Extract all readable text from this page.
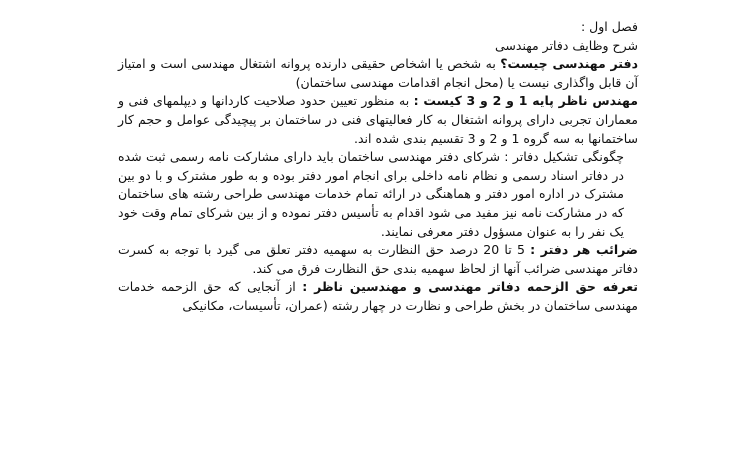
فصل اول :

شرح وظایف دفاتر مهندسی

دفتر مهندسی چیست؟ به شخص یا اشخاص حقیقی دارنده پروانه اشتغال مهندسی است و امتیاز آن قابل واگذاری نیست یا (محل انجام اقدامات مهندسی ساختمان)

مهندس ناظر پایه 1 و 2 و 3 کیست : به منظور تعیین حدود صلاحیت کاردانها و دیپلمهای فنی و معماران تجربی دارای پروانه اشتغال به کار فعالیتهای فنی در ساختمان بر پیچیدگی عوامل و حجم کار ساختمانها به سه گروه 1 و 2 و 3 تقسیم بندی شده اند.

چگونگی تشکیل دفاتر : شرکای دفتر مهندسی ساختمان باید دارای مشارکت نامه رسمی ثبت شده در دفاتر اسناد رسمی و نظام نامه داخلی برای انجام امور دفتر بوده و به طور مشترک و با دو بین مشترک در اداره امور دفتر و هماهنگی در ارائه تمام خدمات مهندسی طراحی رشته های ساختمان که در مشارکت نامه نیز مفید می شود اقدام به تأسیس دفتر نموده و از بین شرکای تمام وقت خود یک نفر را به عنوان مسؤول دفتر معرفی نمایند.

ضرائب هر دفتر : 5 تا 20 درصد حق النظارت به سهمیه دفتر تعلق می گیرد با توجه به کسرت دفاتر مهندسی ضرائب آنها از لحاظ سهمیه بندی حق النظارت فرق می کند.

تعرفه حق الزحمه دفاتر مهندسی و مهندسین ناظر : از آنجایی که حق الزحمه خدمات مهندسی ساختمان در بخش طراحی و نظارت در چهار رشته (عمران، تأسیسات، مکانیکی
